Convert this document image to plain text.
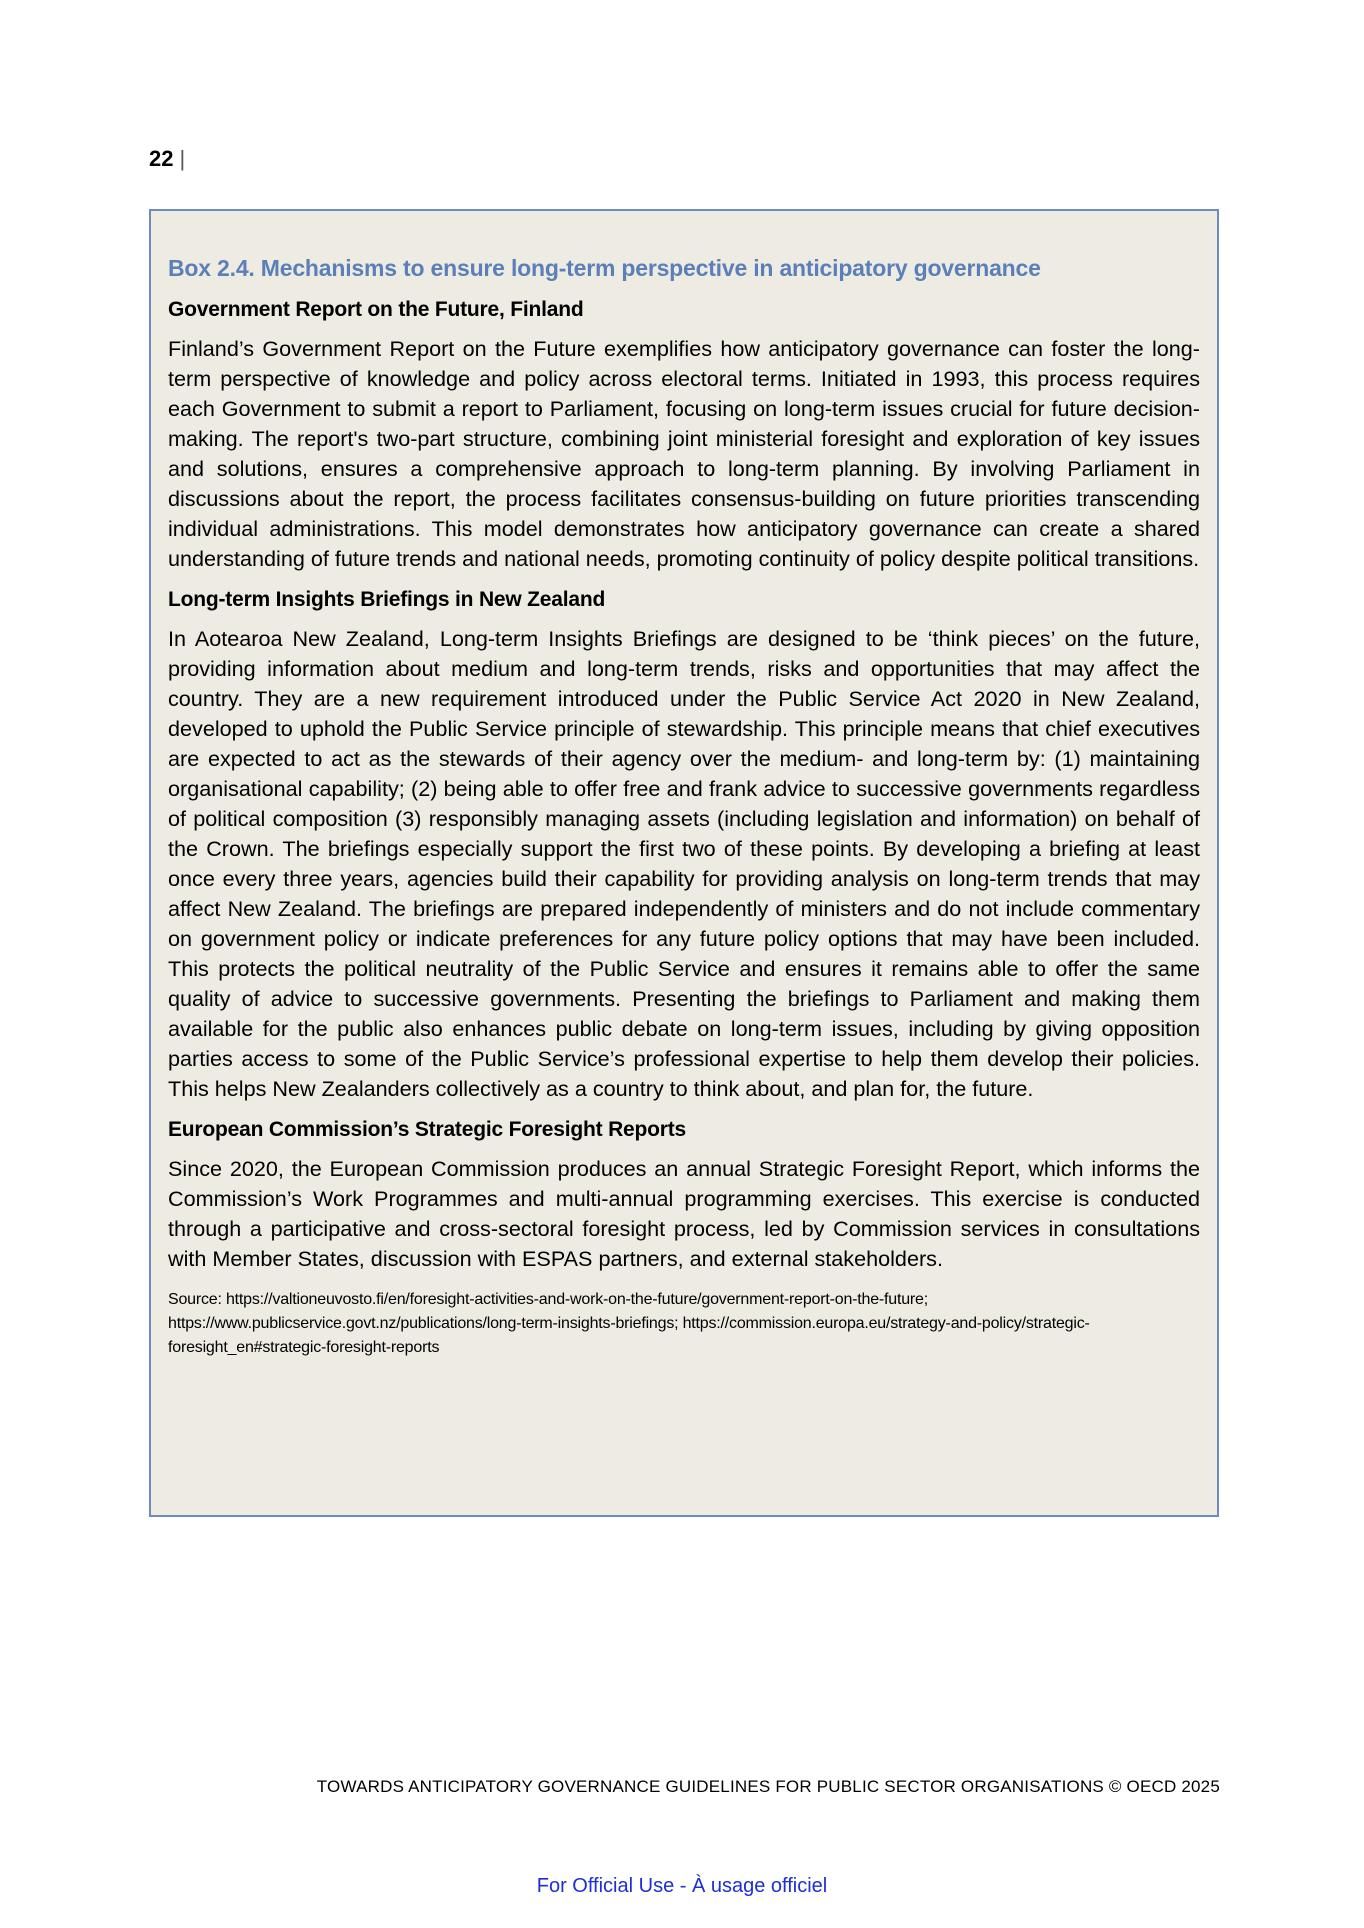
22 |
Box 2.4. Mechanisms to ensure long-term perspective in anticipatory governance
Government Report on the Future, Finland

Finland’s Government Report on the Future exemplifies how anticipatory governance can foster the long-term perspective of knowledge and policy across electoral terms. Initiated in 1993, this process requires each Government to submit a report to Parliament, focusing on long-term issues crucial for future decision-making. The report's two-part structure, combining joint ministerial foresight and exploration of key issues and solutions, ensures a comprehensive approach to long-term planning. By involving Parliament in discussions about the report, the process facilitates consensus-building on future priorities transcending individual administrations. This model demonstrates how anticipatory governance can create a shared understanding of future trends and national needs, promoting continuity of policy despite political transitions.

Long-term Insights Briefings in New Zealand

In Aotearoa New Zealand, Long-term Insights Briefings are designed to be ‘think pieces’ on the future, providing information about medium and long-term trends, risks and opportunities that may affect the country. They are a new requirement introduced under the Public Service Act 2020 in New Zealand, developed to uphold the Public Service principle of stewardship. This principle means that chief executives are expected to act as the stewards of their agency over the medium- and long-term by: (1) maintaining organisational capability; (2) being able to offer free and frank advice to successive governments regardless of political composition (3) responsibly managing assets (including legislation and information) on behalf of the Crown. The briefings especially support the first two of these points. By developing a briefing at least once every three years, agencies build their capability for providing analysis on long-term trends that may affect New Zealand. The briefings are prepared independently of ministers and do not include commentary on government policy or indicate preferences for any future policy options that may have been included. This protects the political neutrality of the Public Service and ensures it remains able to offer the same quality of advice to successive governments. Presenting the briefings to Parliament and making them available for the public also enhances public debate on long-term issues, including by giving opposition parties access to some of the Public Service’s professional expertise to help them develop their policies. This helps New Zealanders collectively as a country to think about, and plan for, the future.

European Commission’s Strategic Foresight Reports

Since 2020, the European Commission produces an annual Strategic Foresight Report, which informs the Commission’s Work Programmes and multi-annual programming exercises. This exercise is conducted through a participative and cross-sectoral foresight process, led by Commission services in consultations with Member States, discussion with ESPAS partners, and external stakeholders.

Source: https://valtioneuvosto.fi/en/foresight-activities-and-work-on-the-future/government-report-on-the-future; https://www.publicservice.govt.nz/publications/long-term-insights-briefings; https://commission.europa.eu/strategy-and-policy/strategic-foresight_en#strategic-foresight-reports
TOWARDS ANTICIPATORY GOVERNANCE GUIDELINES FOR PUBLIC SECTOR ORGANISATIONS © OECD 2025
For Official Use - À usage officiel
